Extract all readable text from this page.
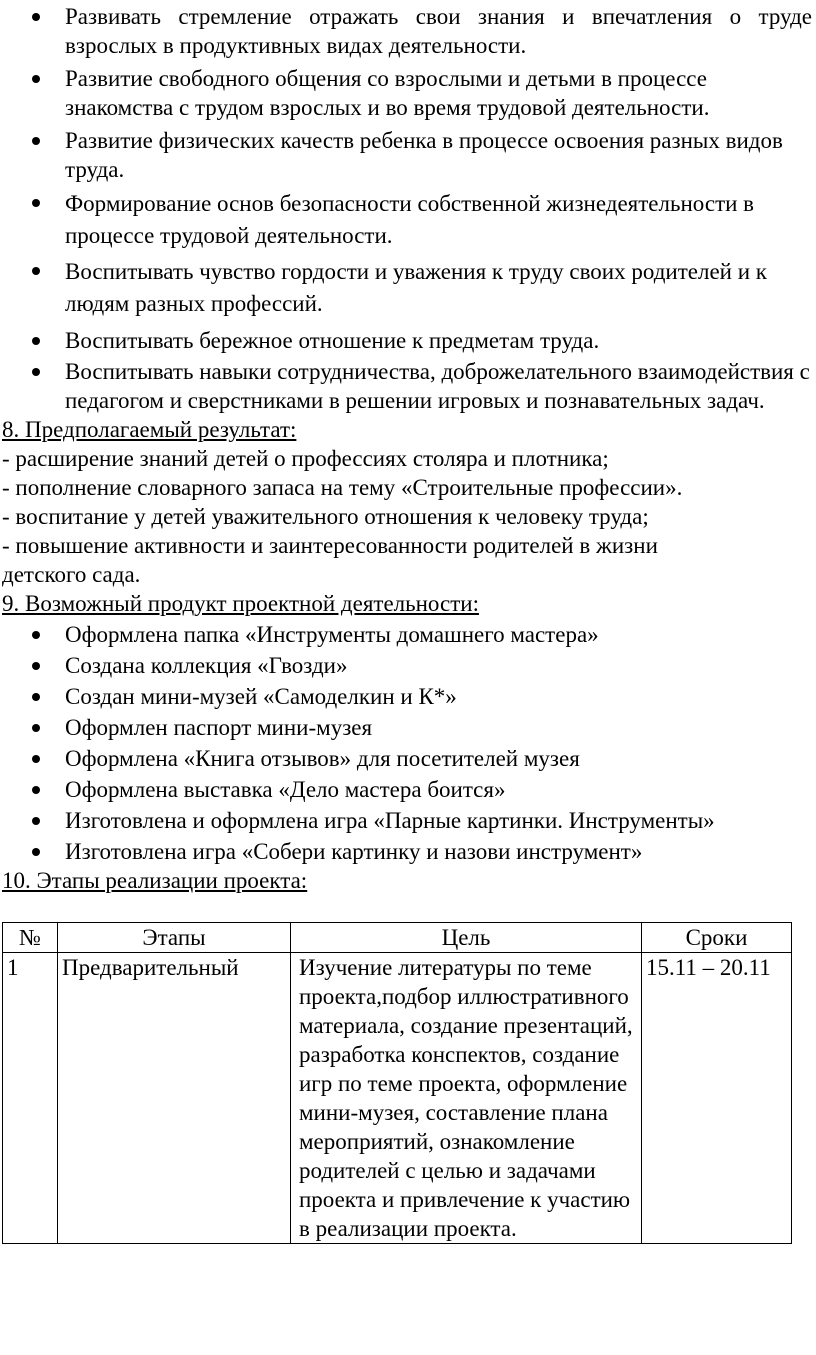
Развивать стремление отражать свои знания и впечатления о труде взрослых в продуктивных видах деятельности.
Развитие свободного общения со взрослыми и детьми в процессе знакомства с трудом взрослых и во время трудовой деятельности.
Развитие физических качеств ребенка в процессе освоения разных видов труда.
Формирование основ безопасности собственной жизнедеятельности в процессе трудовой деятельности.
Воспитывать чувство гордости и уважения к труду своих родителей и к людям разных профессий.
Воспитывать бережное отношение к предметам труда.
Воспитывать навыки сотрудничества, доброжелательного взаимодействия с педагогом и сверстниками в решении игровых и познавательных задач.

8. Предполагаемый результат:

- расширение знаний детей о профессиях столяра и плотника;

- пополнение словарного запаса на тему «Строительные профессии».

- воспитание у детей уважительного отношения к человеку труда;

- повышение активности и заинтересованности родителей в жизни детского сада.

9. Возможный продукт проектной деятельности:

Оформлена папка «Инструменты домашнего мастера»
Создана коллекция «Гвозди»
Создан мини-музей «Самоделкин и К*»
Оформлен паспорт мини-музея
Оформлена «Книга отзывов» для посетителей музея
Оформлена выставка «Дело мастера боится»
Изготовлена и оформлена игра «Парные картинки. Инструменты»
Изготовлена игра «Собери картинку и назови инструмент»

10. Этапы реализации проекта:

№	Этапы	Цель	Сроки
1	Предварительный	Изучение литературы по теме проекта,подбор иллюстративного материала, создание презентаций, разработка конспектов, создание игр по теме проекта, оформление мини-музея, составление плана мероприятий, ознакомление родителей с целью и задачами проекта и привлечение к участию в реализации проекта.	15.11 – 20.11
